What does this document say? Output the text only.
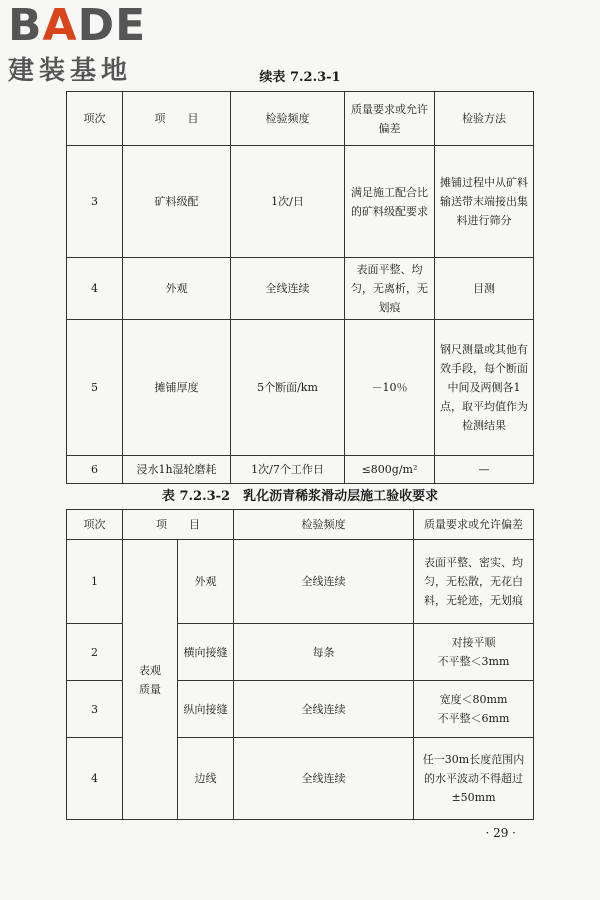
BADE
建装基地	续表 7.2.3-1
项次	项　　目	检验频度	质量要求或允许偏差	检验方法
3	矿料级配	1次/日	满足施工配合比的矿料级配要求	摊铺过程中从矿料输送带末端接出集料进行筛分
4	外观	全线连续	表面平整、均匀，无离析，无划痕	目测
5	摊铺厚度	5个断面/km	－10％	钢尺测量或其他有效手段，每个断面中间及两侧各1点，取平均值作为检测结果
6	浸水1h湿轮磨耗	1次/7个工作日	≤800g/m²	—
表 7.2.3-2　乳化沥青稀浆滑动层施工验收要求
项次	项　　目		检验频度	质量要求或允许偏差
1	表观质量	外观	全线连续	表面平整、密实、均匀，无松散，无花白料，无轮迹，无划痕
2		横向接缝	每条	对接平顺
不平整＜3mm

3		纵向接缝	全线连续	宽度＜80mm
不平整＜6mm

4		边线	全线连续	任一30m长度范围内的水平波动不得超过±50mm
· 29 ·
